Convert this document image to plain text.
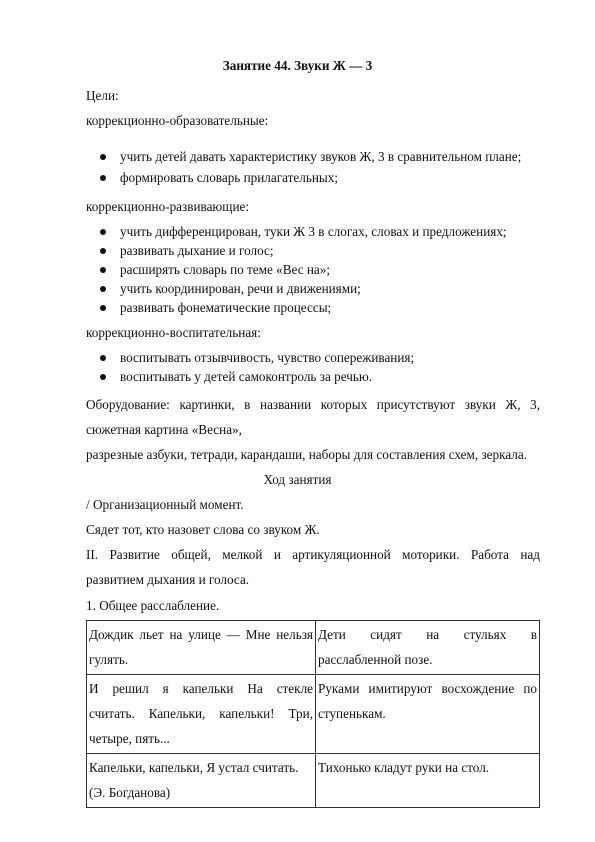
Занятие 44. Звуки Ж — 3
Цели:
коррекционно-образовательные:
учить детей давать характеристику звуков Ж, 3 в сравнительном плане;
формировать словарь прилагательных;
коррекционно-развивающие:
учить дифференцирован, туки Ж 3 в слогах, словах и предложениях;
развивать дыхание и голос;
расширять словарь по теме «Вес на»;
учить координирован, речи и движениями;
развивать фонематические процессы;
коррекционно-воспитательная:
воспитывать отзывчивость, чувство сопереживания;
воспитывать у детей самоконтроль за речью.
Оборудование: картинки, в названии которых присутствуют звуки Ж, 3,
сюжетная картина «Весна»,
разрезные азбуки, тетради, карандаши, наборы для составления схем, зеркала.
Ход занятия
/ Организационный момент.
Сядет тот, кто назовет слова со звуком Ж.
II. Развитие общей, мелкой и артикуляционной моторики. Работа над
развитием дыхания и голоса.
1. Общее расслабление.
Дождик льет на улице — Мне нельзя
гулять.	Дети сидят на стульях в
расслабленной позе.

И решил я капельки На стекле
считать. Капельки, капельки! Три,
четыре, пять...	Руками имитируют восхождение по
ступенькам.

Капельки, капельки, Я устал считать.
(Э. Богданова)	Тихонько кладут руки на стол.
